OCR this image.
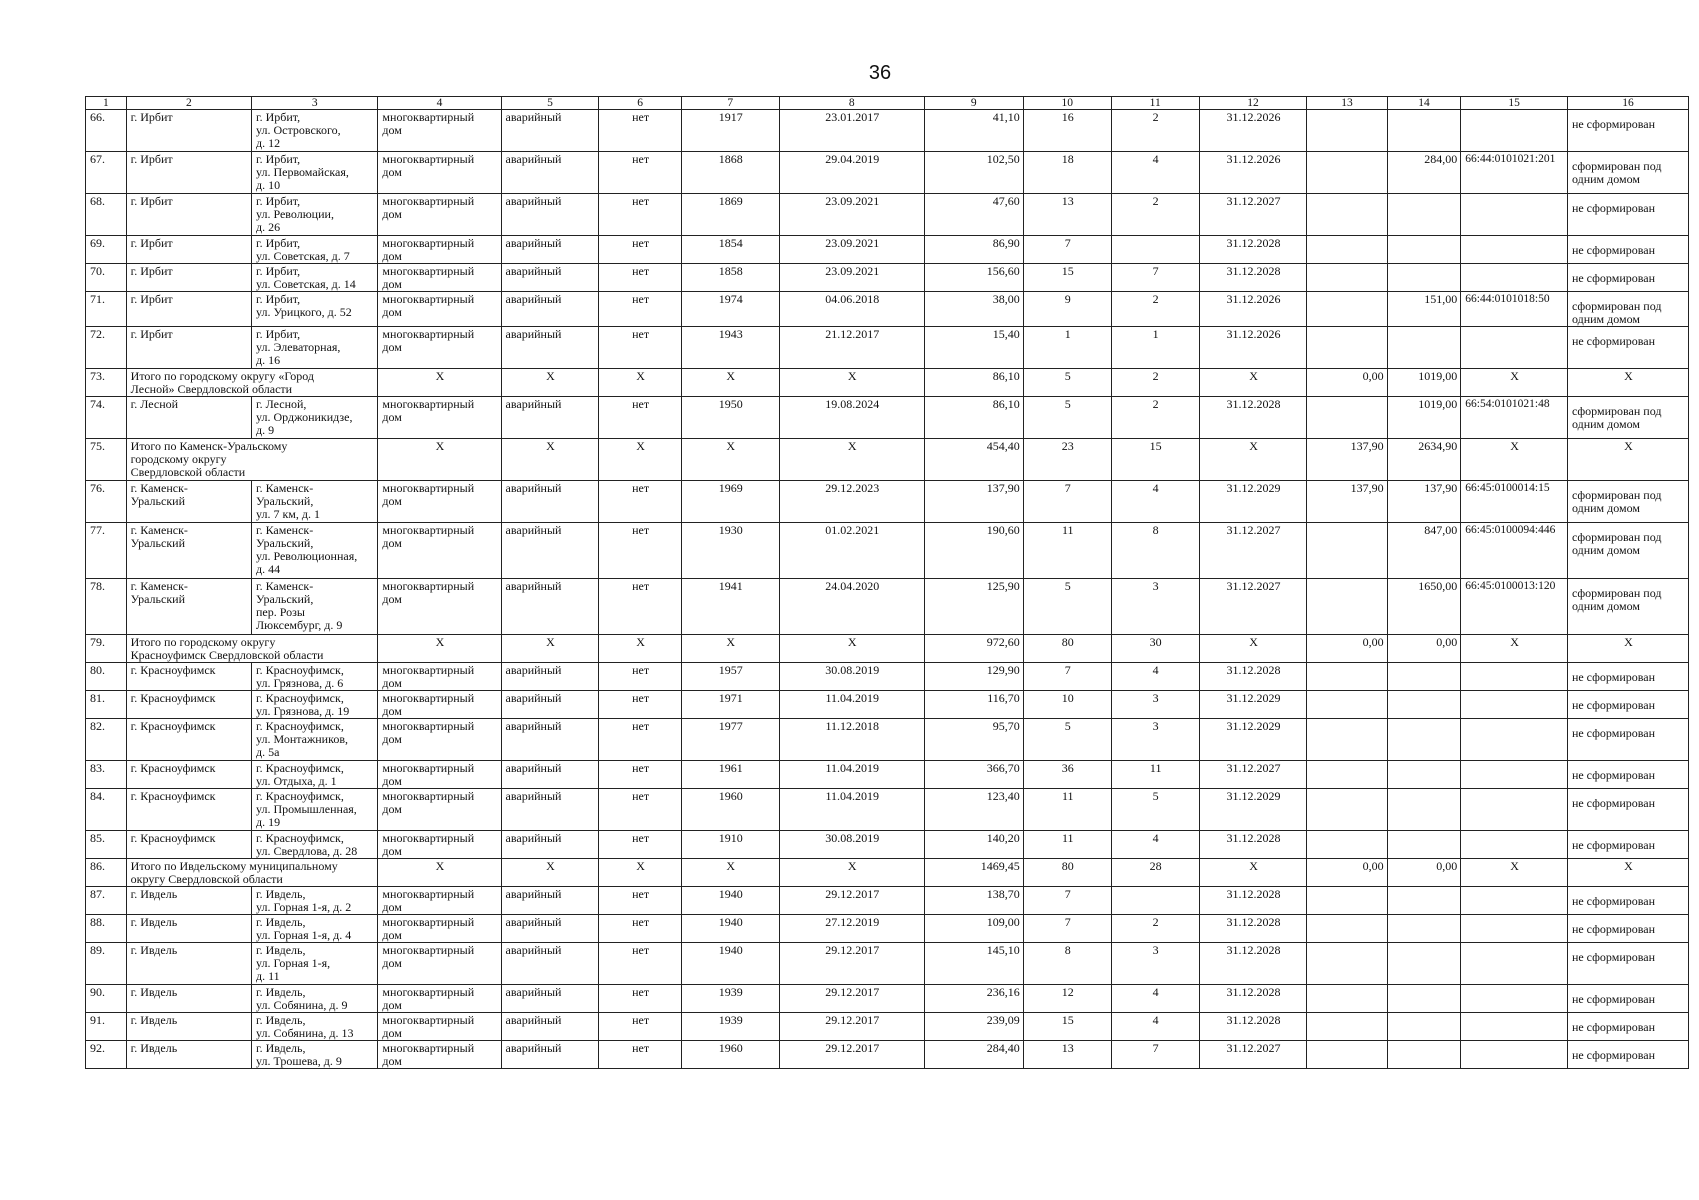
36
1	2	3	4	5	6	7	8	9	10	11	12	13	14	15	16
66.	г. Ирбит	г. Ирбит,
ул. Островского,
д. 12	многоквартирный
дом	аварийный	нет	1917	23.01.2017	41,10	16	2	31.12.2026				не сформирован
67.	г. Ирбит	г. Ирбит,
ул. Первомайская,
д. 10	многоквартирный
дом	аварийный	нет	1868	29.04.2019	102,50	18	4	31.12.2026		284,00	66:44:0101021:201	сформирован под
одним домом
68.	г. Ирбит	г. Ирбит,
ул. Революции,
д. 26	многоквартирный
дом	аварийный	нет	1869	23.09.2021	47,60	13	2	31.12.2027				не сформирован
69.	г. Ирбит	г. Ирбит,
ул. Советская, д. 7	многоквартирный
дом	аварийный	нет	1854	23.09.2021	86,90	7		31.12.2028				не сформирован
70.	г. Ирбит	г. Ирбит,
ул. Советская, д. 14	многоквартирный
дом	аварийный	нет	1858	23.09.2021	156,60	15	7	31.12.2028				не сформирован
71.	г. Ирбит	г. Ирбит,
ул. Урицкого, д. 52	многоквартирный
дом	аварийный	нет	1974	04.06.2018	38,00	9	2	31.12.2026		151,00	66:44:0101018:50	сформирован под
одним домом
72.	г. Ирбит	г. Ирбит,
ул. Элеваторная,
д. 16	многоквартирный
дом	аварийный	нет	1943	21.12.2017	15,40	1	1	31.12.2026				не сформирован
73.	Итого по городскому округу «Город
Лесной» Свердловской области		X	X	X	X	X	86,10	5	2	X	0,00	1019,00	X	X
74.	г. Лесной	г. Лесной,
ул. Орджоникидзе,
д. 9	многоквартирный
дом	аварийный	нет	1950	19.08.2024	86,10	5	2	31.12.2028		1019,00	66:54:0101021:48	сформирован под
одним домом
75.	Итого по Каменск-Уральскому
городскому округу
Свердловской области		X	X	X	X	X	454,40	23	15	X	137,90	2634,90	X	X
76.	г. Каменск-
Уральский	г. Каменск-
Уральский,
ул. 7 км, д. 1	многоквартирный
дом	аварийный	нет	1969	29.12.2023	137,90	7	4	31.12.2029	137,90	137,90	66:45:0100014:15	сформирован под
одним домом
77.	г. Каменск-
Уральский	г. Каменск-
Уральский,
ул. Революционная,
д. 44	многоквартирный
дом	аварийный	нет	1930	01.02.2021	190,60	11	8	31.12.2027		847,00	66:45:0100094:446	сформирован под
одним домом
78.	г. Каменск-
Уральский	г. Каменск-
Уральский,
пер. Розы
Люксембург, д. 9	многоквартирный
дом	аварийный	нет	1941	24.04.2020	125,90	5	3	31.12.2027		1650,00	66:45:0100013:120	сформирован под
одним домом
79.	Итого по городскому округу
Красноуфимск Свердловской области		X	X	X	X	X	972,60	80	30	X	0,00	0,00	X	X
80.	г. Красноуфимск	г. Красноуфимск,
ул. Грязнова, д. 6	многоквартирный
дом	аварийный	нет	1957	30.08.2019	129,90	7	4	31.12.2028				не сформирован
81.	г. Красноуфимск	г. Красноуфимск,
ул. Грязнова, д. 19	многоквартирный
дом	аварийный	нет	1971	11.04.2019	116,70	10	3	31.12.2029				не сформирован
82.	г. Красноуфимск	г. Красноуфимск,
ул. Монтажников,
д. 5а	многоквартирный
дом	аварийный	нет	1977	11.12.2018	95,70	5	3	31.12.2029				не сформирован
83.	г. Красноуфимск	г. Красноуфимск,
ул. Отдыха, д. 1	многоквартирный
дом	аварийный	нет	1961	11.04.2019	366,70	36	11	31.12.2027				не сформирован
84.	г. Красноуфимск	г. Красноуфимск,
ул. Промышленная,
д. 19	многоквартирный
дом	аварийный	нет	1960	11.04.2019	123,40	11	5	31.12.2029				не сформирован
85.	г. Красноуфимск	г. Красноуфимск,
ул. Свердлова, д. 28	многоквартирный
дом	аварийный	нет	1910	30.08.2019	140,20	11	4	31.12.2028				не сформирован
86.	Итого по Ивдельскому муниципальному
округу Свердловской области		X	X	X	X	X	1469,45	80	28	X	0,00	0,00	X	X
87.	г. Ивдель	г. Ивдель,
ул. Горная 1-я, д. 2	многоквартирный
дом	аварийный	нет	1940	29.12.2017	138,70	7		31.12.2028				не сформирован
88.	г. Ивдель	г. Ивдель,
ул. Горная 1-я, д. 4	многоквартирный
дом	аварийный	нет	1940	27.12.2019	109,00	7	2	31.12.2028				не сформирован
89.	г. Ивдель	г. Ивдель,
ул. Горная 1-я,
д. 11	многоквартирный
дом	аварийный	нет	1940	29.12.2017	145,10	8	3	31.12.2028				не сформирован
90.	г. Ивдель	г. Ивдель,
ул. Собянина, д. 9	многоквартирный
дом	аварийный	нет	1939	29.12.2017	236,16	12	4	31.12.2028				не сформирован
91.	г. Ивдель	г. Ивдель,
ул. Собянина, д. 13	многоквартирный
дом	аварийный	нет	1939	29.12.2017	239,09	15	4	31.12.2028				не сформирован
92.	г. Ивдель	г. Ивдель,
ул. Трошева, д. 9	многоквартирный
дом	аварийный	нет	1960	29.12.2017	284,40	13	7	31.12.2027				не сформирован
